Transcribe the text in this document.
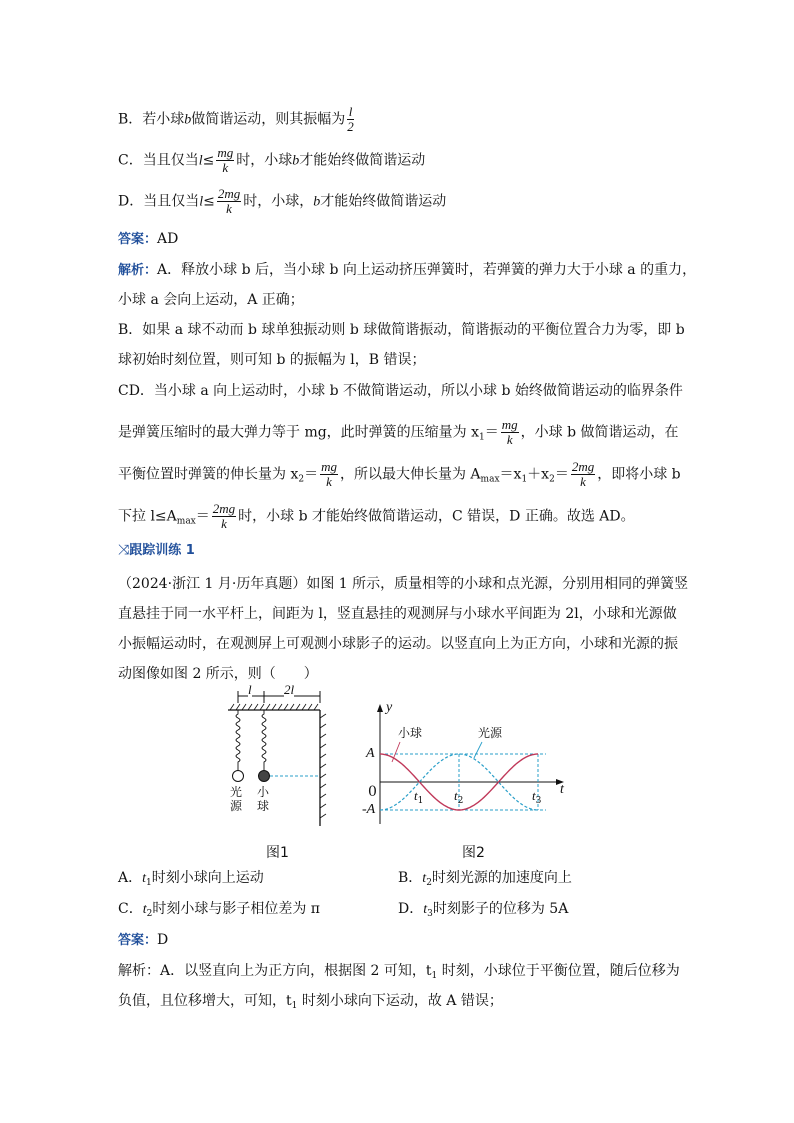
B．若小球b做简谐运动，则其振幅为 $\frac{l}{2}$
C．当且仅当$l\le \frac{mg}{k}$ 时，小球b才能始终做简谐运动
D．当且仅当$l\le \frac{2mg}{k}$ 时，小球，b才能始终做简谐运动
答案：AD
解析：A．释放小球 b 后，当小球 b 向上运动挤压弹簧时，若弹簧的弹力大于小球 a 的重力，
小球 a 会向上运动，A 正确；
B．如果 a 球不动而 b 球单独振动则 b 球做简谐振动，简谐振动的平衡位置合力为零，即 b
球初始时刻位置，则可知 b 的振幅为 l，B 错误；
CD．当小球 a 向上运动时，小球 b 不做简谐运动，所以小球 b 始终做简谐运动的临界条件
是弹簧压缩时的最大弹力等于 mg，此时弹簧的压缩量为 $x_1= \frac{mg}{k}$ ，小球 b 做简谐运动，在
平衡位置时弹簧的伸长量为 $x_2= \frac{mg}{k}$ ，所以最大伸长量为 $A_{max}=x_1+x_2= \frac{2mg}{k}$ ，即将小球 b
下拉 $l\le A_{max}= \frac{2mg}{k}$ 时，小球 b 才能始终做简谐运动，C 错误，D 正确。故选 AD。
⤨跟踪训练 1
（2024·浙江 1 月·历年真题）如图 1 所示，质量相等的小球和点光源，分别用相同的弹簧竖
直悬挂于同一水平杆上，间距为 l，竖直悬挂的观测屏与小球水平间距为 2l，小球和光源做
小振幅运动时，在观测屏上可观测小球影子的运动。以竖直向上为正方向，小球和光源的振
动图像如图 2 所示，则（　　）
l 2l
光源
小球
图1
y
t
小球	光源
A
-A
0	$t_1$ $t_2$	$t_3$
图2
A．$t_1$时刻小球向上运动	B．$t_2$时刻光源的加速度向上
C．$t_2$时刻小球与影子相位差为 π	D．$t_3$时刻影子的位移为 5A
答案：D
解析：A．以竖直向上为正方向，根据图 2 可知，$t_1$ 时刻，小球位于平衡位置，随后位移为
负值，且位移增大，可知，$t_1$ 时刻小球向下运动，故 A 错误；
